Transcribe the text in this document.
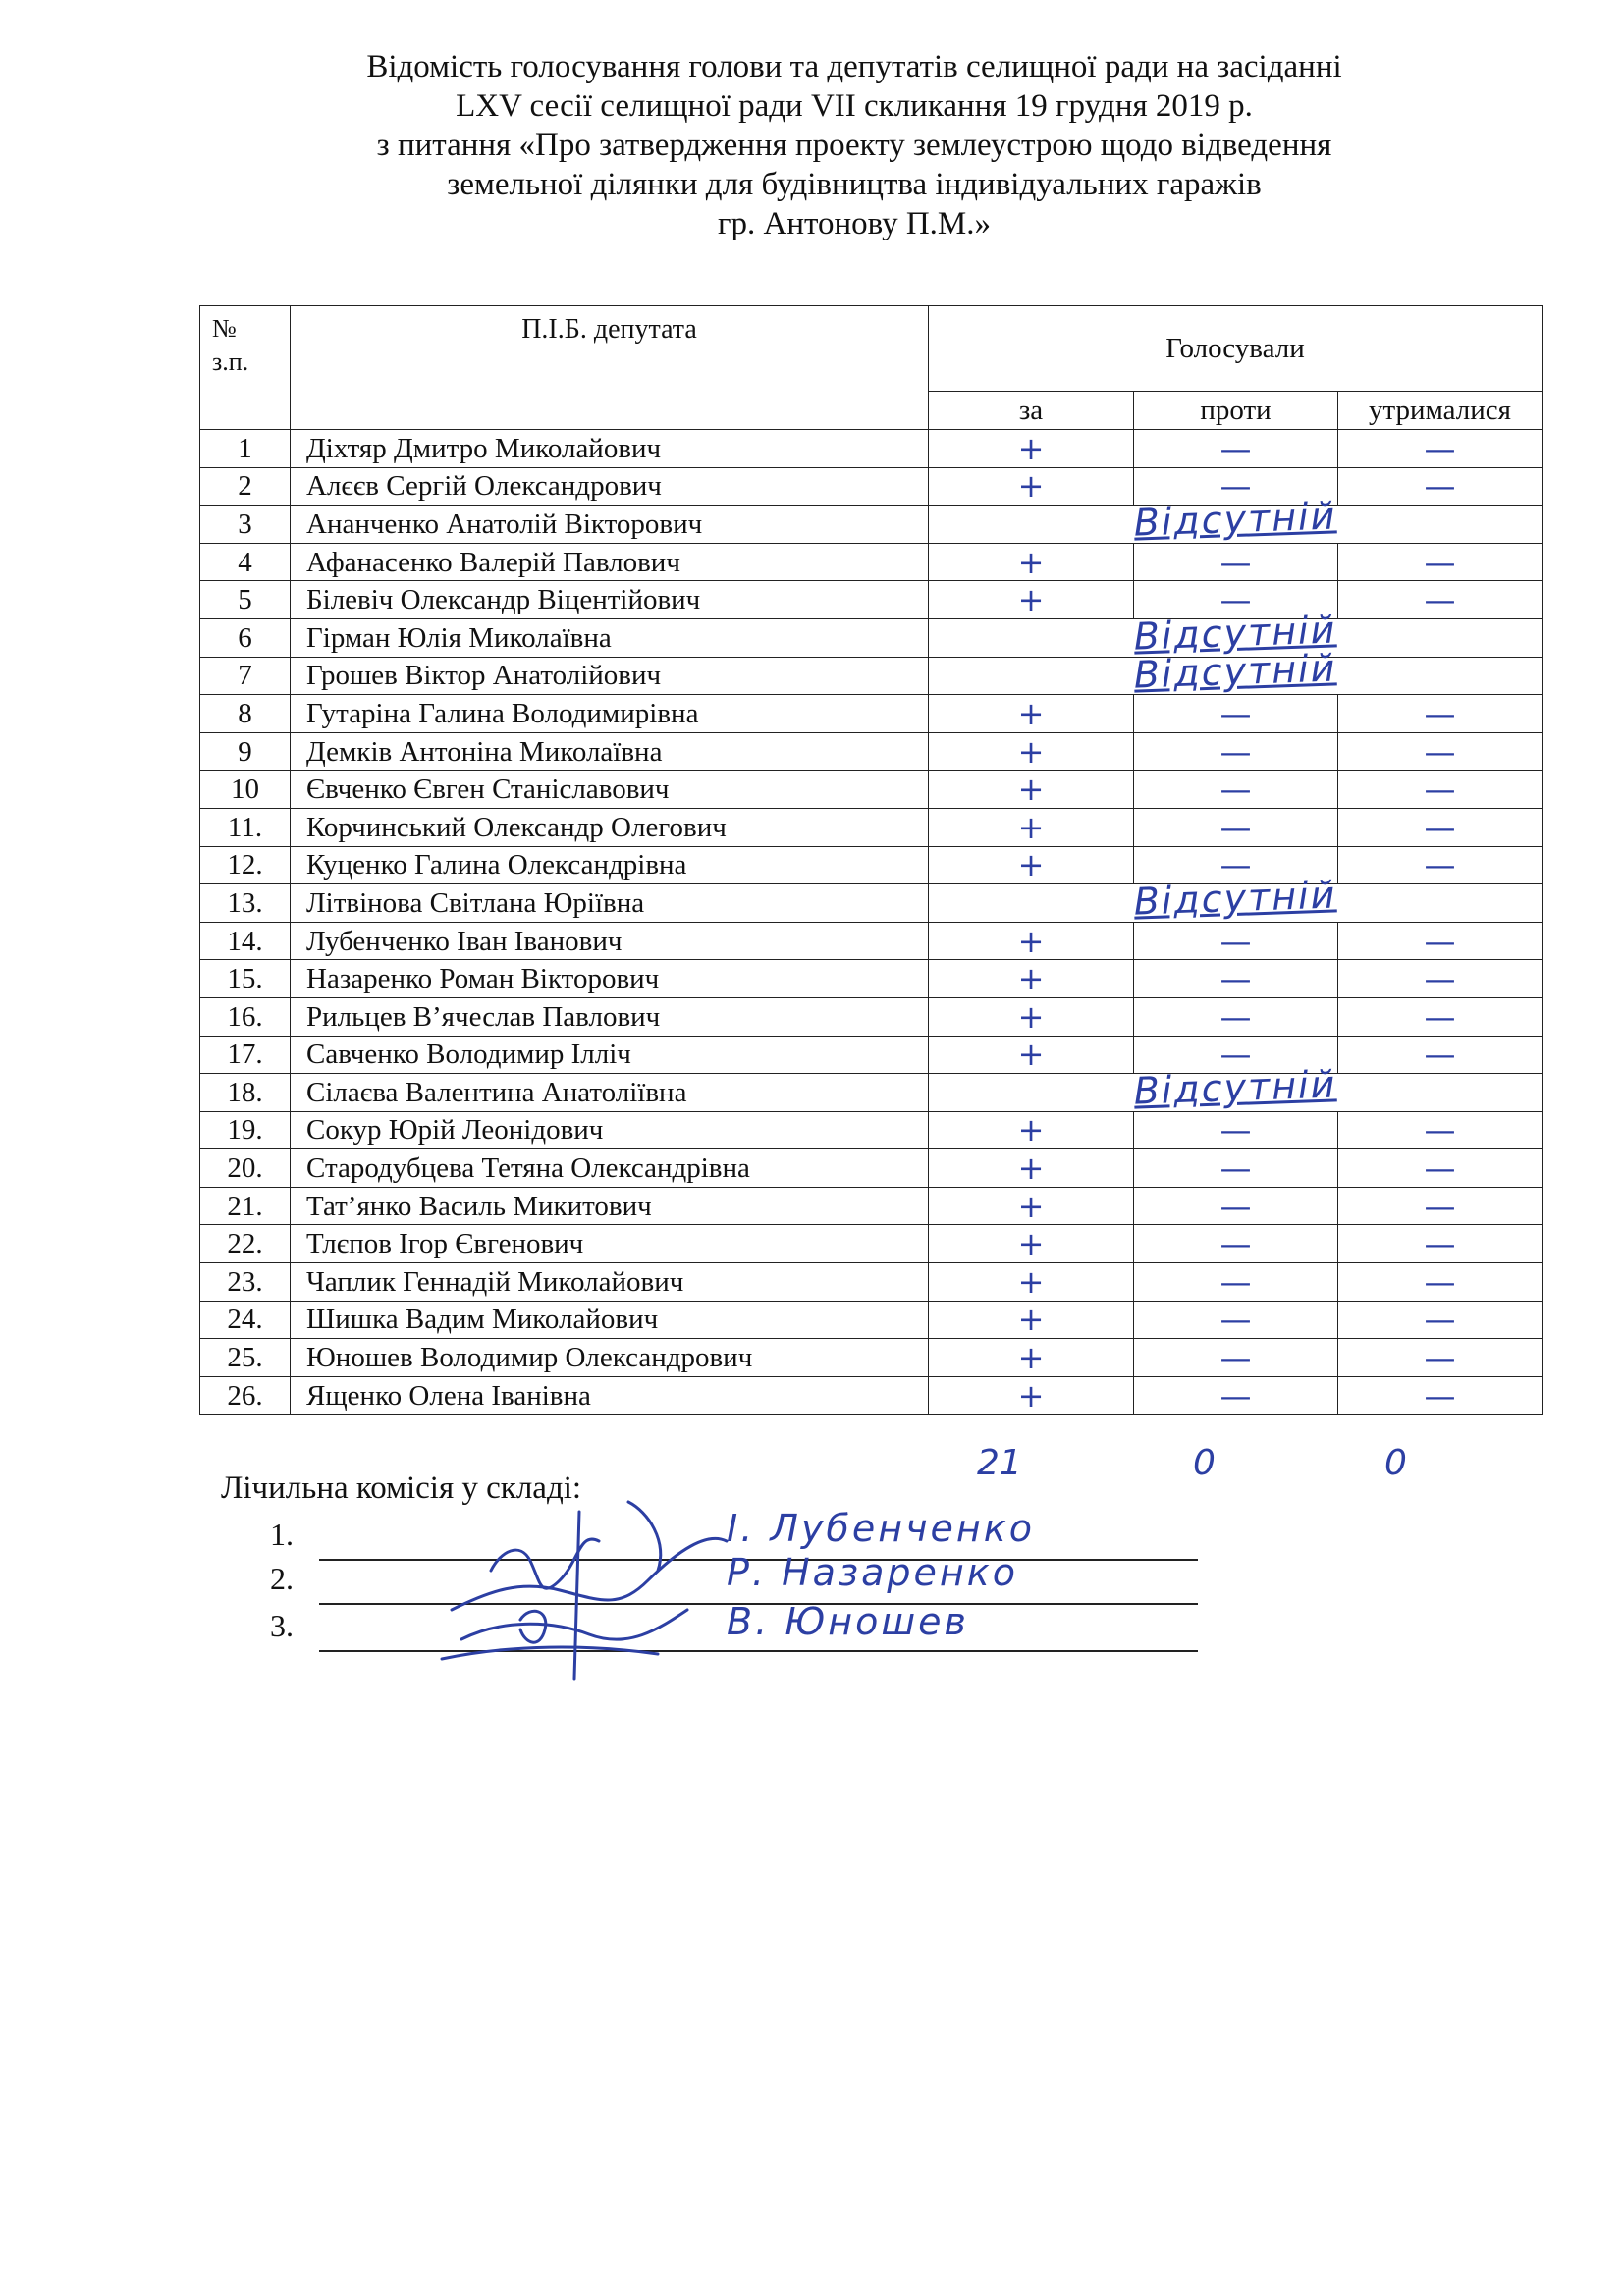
Відомість голосування голови та депутатів селищної ради на засіданні
LXV сесії селищної ради VII скликання 19 грудня 2019 р.
з питання «Про затвердження проекту землеустрою щодо відведення
земельної ділянки для будівництва індивідуальних гаражів
гр. Антонову П.М.»
№
з.п.	П.І.Б. депутата	Голосували		
		за	проти	утрималися
1	Діхтяр Дмитро Миколайович	+	—	—
2	Алєєв Сергій Олександрович	+	—	—
3	Ананченко Анатолій Вікторович	Відсутній		

4	Афанасенко Валерій Павлович	+	—	—
5	Білевіч Олександр Віцентійович	+	—	—
6	Гірман Юлія Миколаївна	Відсутній		

7	Грошев Віктор Анатолійович	Відсутній		

8	Гутаріна Галина Володимирівна	+	—	—
9	Демків Антоніна Миколаївна	+	—	—
10	Євченко Євген Станіславович	+	—	—
11.	Корчинський Олександр Олегович	+	—	—
12.	Куценко Галина Олександрівна	+	—	—
13.	Літвінова Світлана Юріївна	Відсутній		

14.	Лубенченко Іван Іванович	+	—	—
15.	Назаренко Роман Вікторович	+	—	—
16.	Рильцев В’ячеслав Павлович	+	—	—
17.	Савченко Володимир Ілліч	+	—	—
18.	Сілаєва Валентина Анатоліївна	Відсутній		

19.	Сокур Юрій Леонідович	+	—	—
20.	Стародубцева Тетяна Олександрівна	+	—	—
21.	Тат’янко Василь Микитович	+	—	—
22.	Тлєпов Ігор Євгенович	+	—	—
23.	Чаплик Геннадій Миколайович	+	—	—
24.	Шишка Вадим Миколайович	+	—	—
25.	Юношев Володимир Олександрович	+	—	—
26.	Ященко Олена Іванівна	+	—	—
21	0	0
Лічильна комісія у складі:
1.	І. Лубенченко
2.	Р. Назаренко
3.	В. Юношев
